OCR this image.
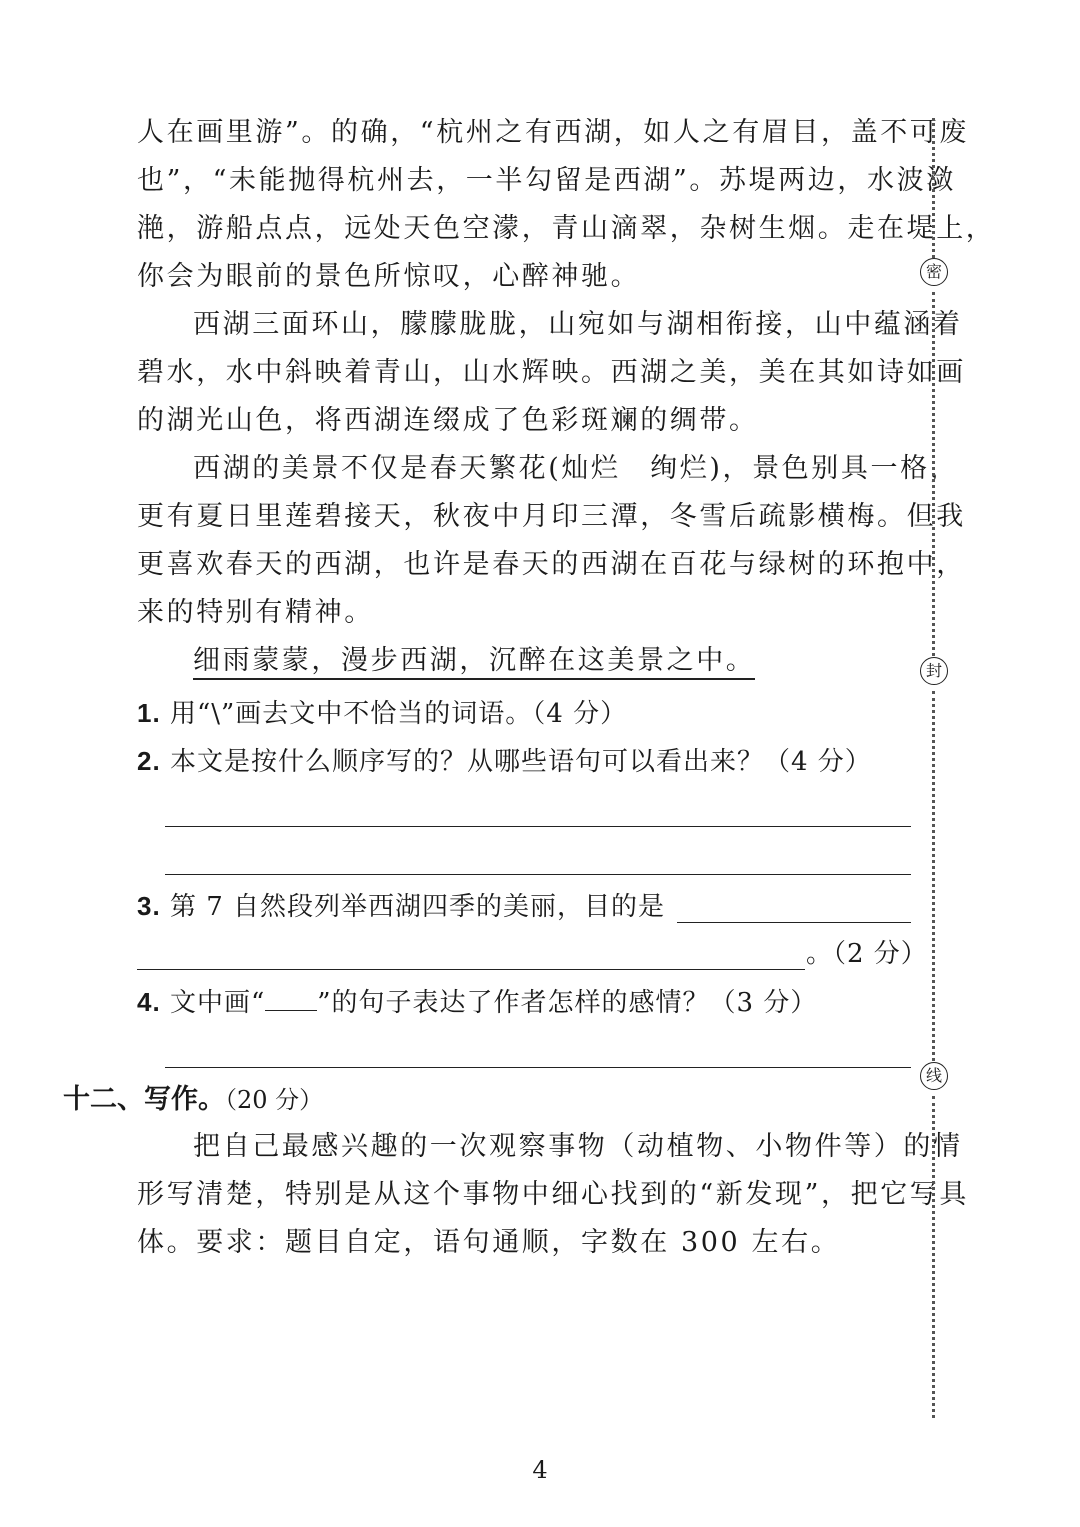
人在画里游”。的确，“杭州之有西湖，如人之有眉目，盖不可废
也”，“未能抛得杭州去，一半勾留是西湖”。苏堤两边，水波潋
滟，游船点点，远处天色空濛，青山滴翠，杂树生烟。走在堤上，
你会为眼前的景色所惊叹，心醉神驰。
西湖三面环山，朦朦胧胧，山宛如与湖相衔接，山中蕴涵着
碧水，水中斜映着青山，山水辉映。西湖之美，美在其如诗如画
的湖光山色，将西湖连缀成了色彩斑斓的绸带。
西湖的美景不仅是春天繁花(灿烂　绚烂)，景色别具一格，
更有夏日里莲碧接天，秋夜中月印三潭，冬雪后疏影横梅。但我
更喜欢春天的西湖，也许是春天的西湖在百花与绿树的环抱中，
来的特别有精神。
细雨蒙蒙，漫步西湖，沉醉在这美景之中。
1. 用“\”画去文中不恰当的词语。（4 分）
2. 本文是按什么顺序写的？从哪些语句可以看出来？（4 分）
3. 第 7 自然段列举西湖四季的美丽，目的是
。（2 分）
4. 文中画“ ”的句子表达了作者怎样的感情？（3 分）
十二、写作。（20 分）
把自己最感兴趣的一次观察事物（动植物、小物件等）的情
形写清楚，特别是从这个事物中细心找到的“新发现”，把它写具
体。要求：题目自定，语句通顺，字数在 300 左右。
密
封
线
4
